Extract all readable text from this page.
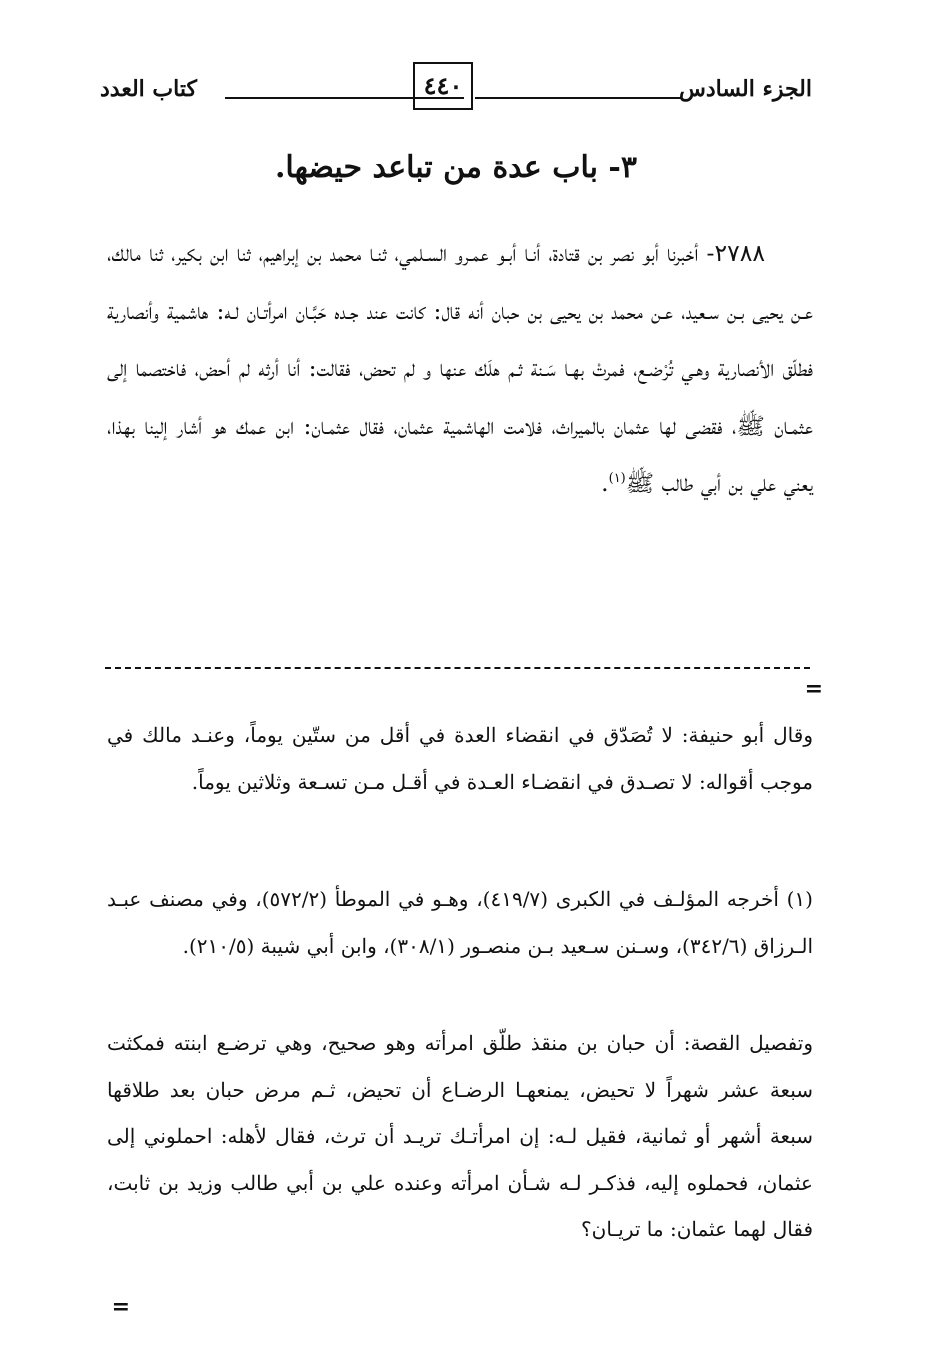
الجزء السادس
٤٤٠
كتاب العدد
٣- باب عدة من تباعد حيضها.

٢٧٨٨- أخبرنا أبو نصر بن قتادة، أنـا أبـو عمـرو السـلمي، ثنـا محمد بن إبراهيم، ثنا ابن بكير، ثنا مالك، عـن يحيى بـن سـعيد، عـن محمد بن يحيى بن حبان أنه قال: كانت عند جـده حَبَّـان امرأتـان لـه: هاشمية وأنصارية فطلّق الأنصارية وهـي تُرْضـع، فمرتْ بهـا سَـنة ثـم هلَك عنها و لم تحض، فقالت: أنا أرثه لم أحض، فاختصما إلى عثمـان ﷺ، فقضى لها عثمان بالميراث، فلامت الهاشمية عثمان، فقال عثمـان: ابن عمك هو أشار إلينا بهذا، يعني علي بن أبي طالب ﷺ$^{(١)}$.

=

وقال أبو حنيفة: لا تُصَدّق في انقضاء العدة في أقل من ستّين يوماً، وعنـد مالك في موجب أقواله: لا تصـدق في انقضـاء العـدة في أقـل مـن تسـعة وثلاثين يوماً.

(١) أخرجه المؤلـف في الكبرى (٤١٩/٧)، وهـو في الموطأ (٥٧٢/٢)، وفي مصنف عبـد الـرزاق (٣٤٢/٦)، وسـنن سـعيد بـن منصـور (٣٠٨/١)، وابن أبي شيبة (٢١٠/٥).

وتفصيل القصة: أن حبان بن منقذ طلّق امرأته وهو صحيح، وهي ترضـع ابنته فمكثت سبعة عشر شهراً لا تحيض، يمنعهـا الرضـاع أن تحيض، ثـم مرض حبان بعد طلاقها سبعة أشهر أو ثمانية، فقيل لـه: إن امرأتـك تريـد أن ترث، فقال لأهله: احملوني إلى عثمان، فحملوه إليه، فذكـر لـه شـأن امرأته وعنده علي بن أبي طالب وزيد بن ثابت، فقال لهما عثمان: ما تريـان؟

=
